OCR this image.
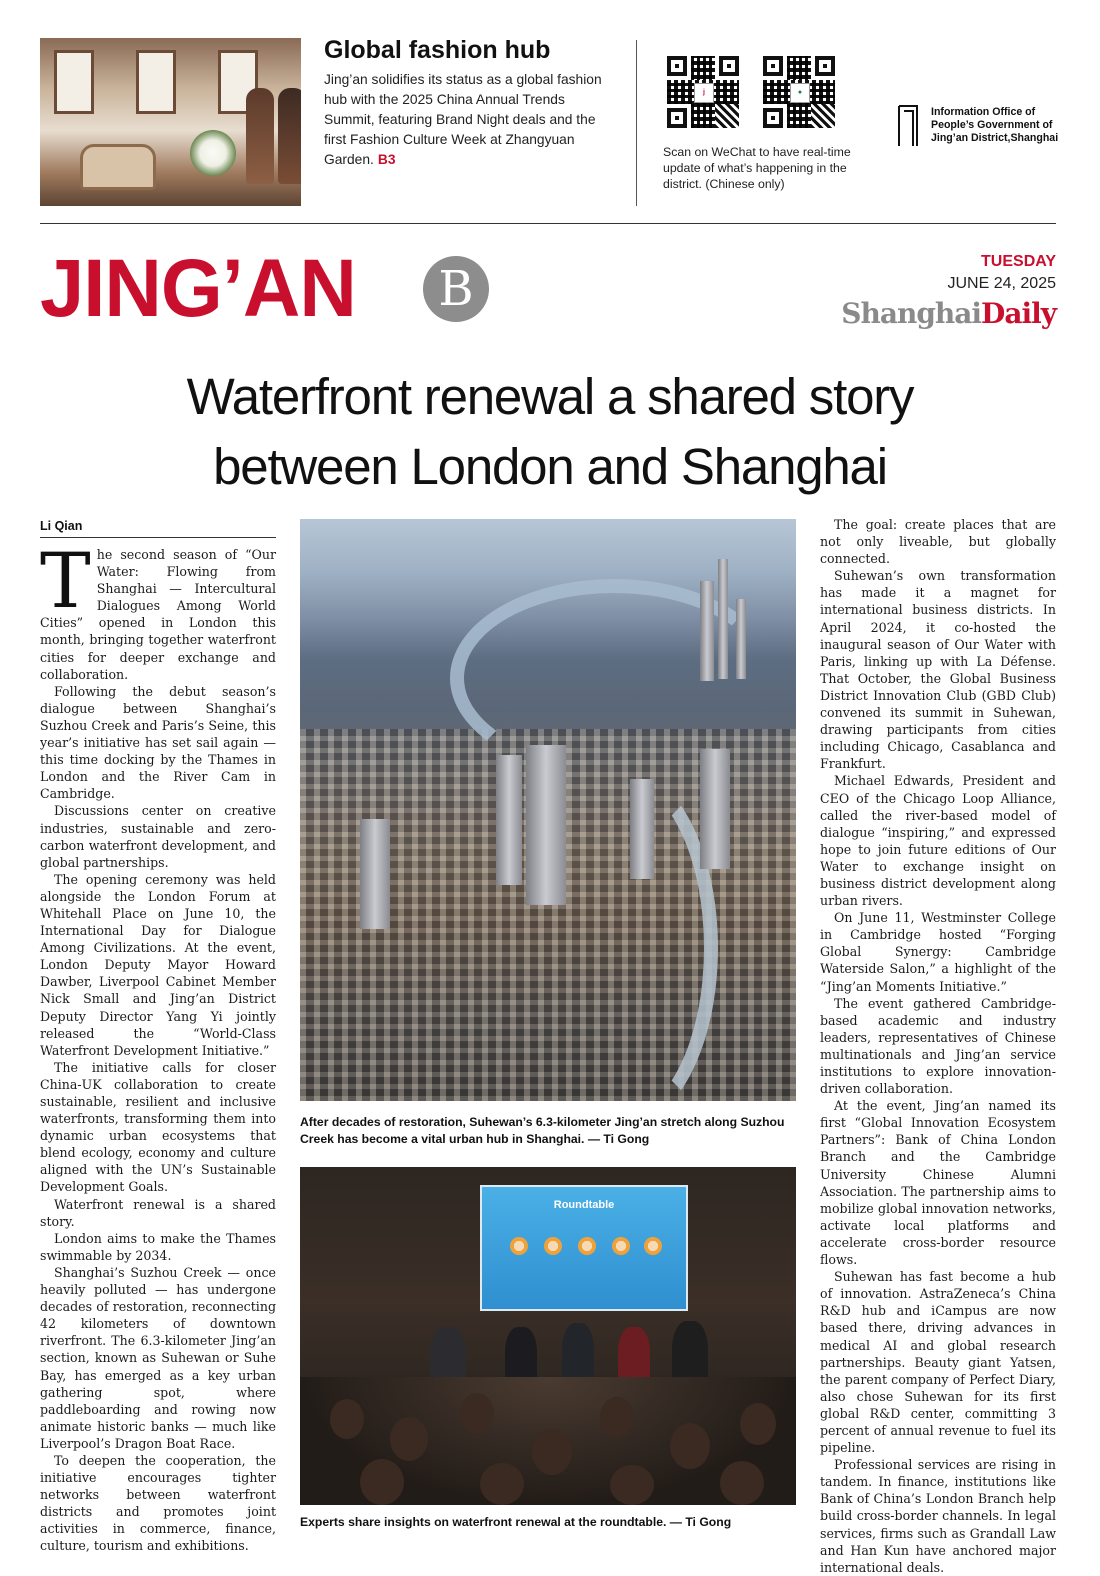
Global fashion hub
Jing’an solidifies its status as a global fashion hub with the 2025 China Annual Trends Summit, featuring Brand Night deals and the first Fashion Culture Week at Zhangyuan Garden. B3
j	●
Scan on WeChat to have real-time update of what’s happening in the district. (Chinese only)
Information Office of
People’s Government of
Jing’an District,Shanghai
JING’AN	B	TUESDAY
JUNE 24, 2025
ShanghaiDaily
Waterfront renewal a shared story
between London and Shanghai
Li Qian

The second season of “Our Water: Flowing from Shanghai — Intercultural Dialogues Among World Cities” opened in London this month, bringing together waterfront cities for deeper exchange and collaboration.

Following the debut season’s dialogue between Shanghai’s Suzhou Creek and Paris’s Seine, this year’s initiative has set sail again — this time docking by the Thames in London and the River Cam in Cambridge.

Discussions center on creative industries, sustainable and zero-carbon waterfront development, and global partnerships.

The opening ceremony was held alongside the London Forum at Whitehall Place on June 10, the International Day for Dialogue Among Civilizations. At the event, London Deputy Mayor Howard Dawber, Liverpool Cabinet Member Nick Small and Jing’an District Deputy Director Yang Yi jointly released the “World-Class Waterfront Development Initiative.”

The initiative calls for closer China-UK collaboration to create sustainable, resilient and inclusive waterfronts, transforming them into dynamic urban ecosystems that blend ecology, economy and culture aligned with the UN’s Sustainable Development Goals.

Waterfront renewal is a shared story.

London aims to make the Thames swimmable by 2034.

Shanghai’s Suzhou Creek — once heavily polluted — has undergone decades of restoration, reconnecting 42 kilometers of downtown riverfront. The 6.3-kilometer Jing’an section, known as Suhewan or Suhe Bay, has emerged as a key urban gathering spot, where paddleboarding and rowing now animate historic banks — much like Liverpool’s Dragon Boat Race.

To deepen the cooperation, the initiative encourages tighter networks between waterfront districts and promotes joint activities in commerce, finance, culture, tourism and exhibitions.

After decades of restoration, Suhewan’s 6.3-kilometer Jing’an stretch along Suzhou Creek has become a vital urban hub in Shanghai. — Ti Gong
Roundtable
Experts share insights on waterfront renewal at the roundtable. — Ti Gong

The goal: create places that are not only liveable, but globally connected.

Suhewan’s own transformation has made it a magnet for international business districts. In April 2024, it co-hosted the inaugural season of Our Water with Paris, linking up with La Défense. That October, the Global Business District Innovation Club (GBD Club) convened its summit in Suhewan, drawing participants from cities including Chicago, Casablanca and Frankfurt.

Michael Edwards, President and CEO of the Chicago Loop Alliance, called the river-based model of dialogue “inspiring,” and expressed hope to join future editions of Our Water to exchange insight on business district development along urban rivers.

On June 11, Westminster College in Cambridge hosted “Forging Global Synergy: Cambridge Waterside Salon,” a highlight of the “Jing’an Moments Initiative.”

The event gathered Cambridge-based academic and industry leaders, representatives of Chinese multinationals and Jing’an service institutions to explore innovation-driven collaboration.

At the event, Jing’an named its first “Global Innovation Ecosystem Partners”: Bank of China London Branch and the Cambridge University Chinese Alumni Association. The partnership aims to mobilize global innovation networks, activate local platforms and accelerate cross-border resource flows.

Suhewan has fast become a hub of innovation. AstraZeneca’s China R&D hub and iCampus are now based there, driving advances in medical AI and global research partnerships. Beauty giant Yatsen, the parent company of Perfect Diary, also chose Suhewan for its first global R&D center, committing 3 percent of annual revenue to fuel its pipeline.

Professional services are rising in tandem. In finance, institutions like Bank of China’s London Branch help build cross-border channels. In legal services, firms such as Grandall Law and Han Kun have anchored major international deals.
